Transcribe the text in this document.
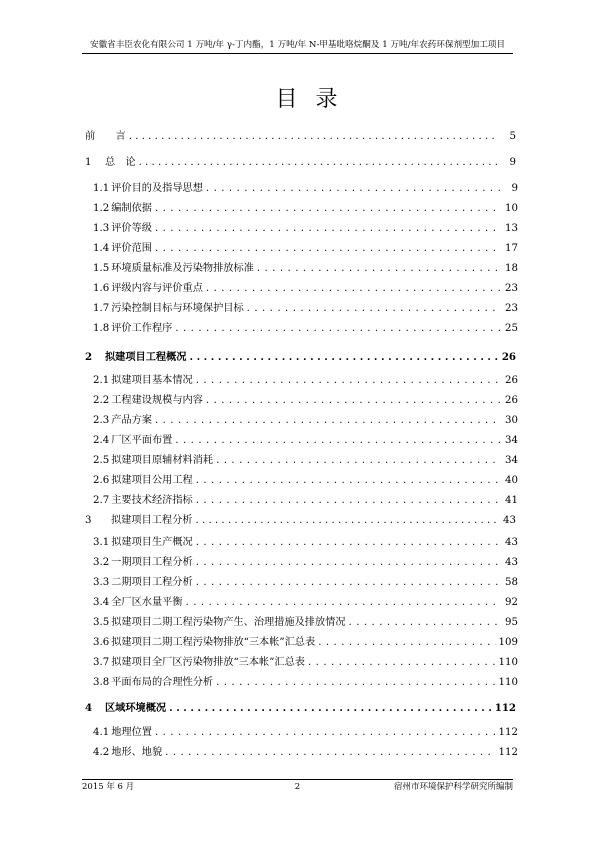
安徽省丰臣农化有限公司 1 万吨/年 γ-丁内酯，1 万吨/年 N-甲基吡咯烷酮及 1 万吨/年农药环保剂型加工项目
目录
前　　言 . . .	5
1	总　论 . . .	9
1.1 评价目的及指导思想 . . .	9
1.2 编制依据 . . .	10
1.3 评价等级 . . .	13
1.4 评价范围 . . .	17
1.5 环境质量标准及污染物排放标准 . . .	18
1.6 评级内容与评价重点 . . .	23
1.7 污染控制目标与环境保护目标 . . .	23
1.8 评价工作程序 . . .	25
2	拟建项目工程概况 . . .	26
2.1 拟建项目基本情况 . . .	26
2.2 工程建设规模与内容 . . .	26
2.3 产品方案 . . .	30
2.4 厂区平面布置 . . .	34
2.5 拟建项目原辅材料消耗 . . .	34
2.6 拟建项目公用工程 . . .	40
2.7 主要技术经济指标 . . .	41
3	拟建项目工程分析 . . .	43
3.1 拟建项目生产概况 . . .	43
3.2 一期项目工程分析 . . .	43
3.3 二期项目工程分析 . . .	58
3.4 全厂区水量平衡 . . .	92
3.5 拟建项目二期工程污染物产生、治理措施及排放情况 . . .	95
3.6 拟建项目二期工程污染物排放“三本帐”汇总表 . . .	109
3.7 拟建项目全厂区污染物排放“三本帐”汇总表 . . .	110
3.8 平面布局的合理性分析 . . .	110
4	区域环境概况 . . .	112
4.1 地理位置 . . .	112
4.2 地形、地貌 . . .	112
2015 年 6 月	2	宿州市环境保护科学研究所编制
